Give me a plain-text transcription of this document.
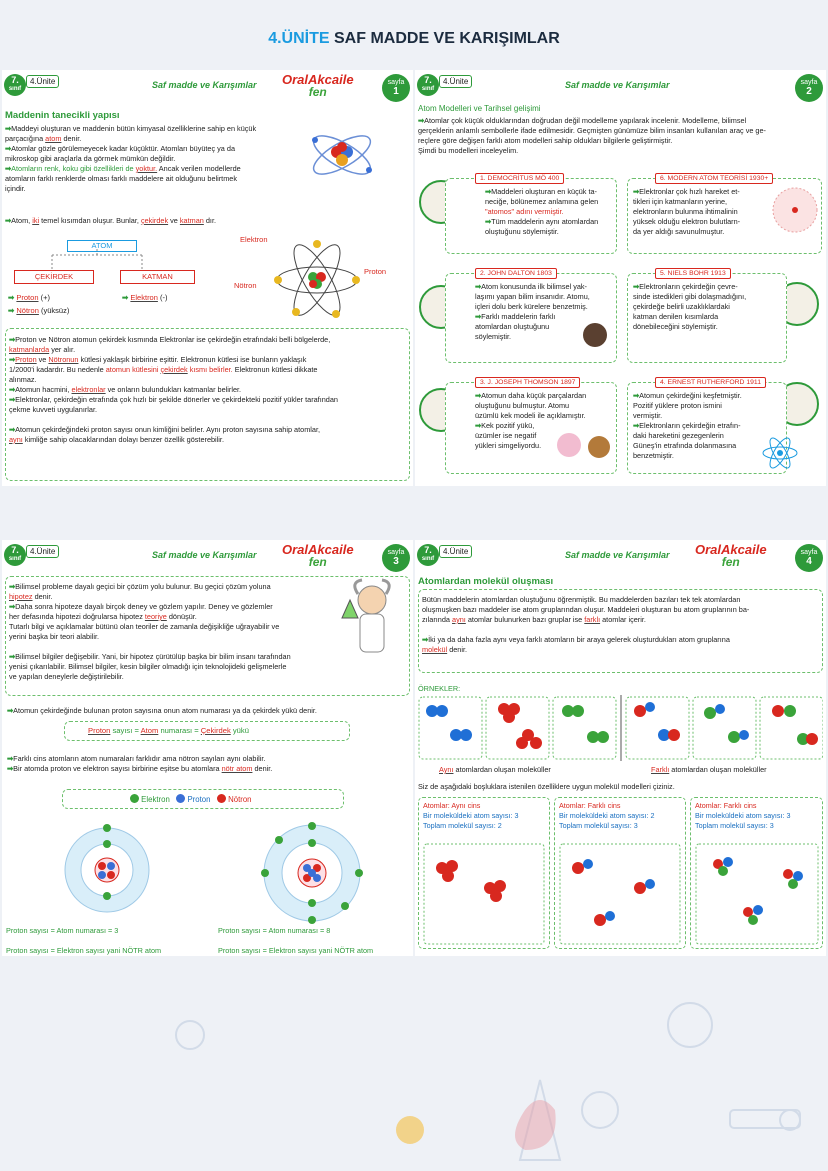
4.ÜNİTE SAF MADDE VE KARIŞIMLAR
7.
sınıf
4.Ünite	Saf madde ve Karışımlar OralAkcaile
fen
sayfa
1
Maddenin tanecikli yapısı
➡Maddeyi oluşturan ve maddenin bütün kimyasal özelliklerine sahip en küçük
parçacığına atom denir.
➡Atomlar gözle görülemeyecek kadar küçüktür. Atomları büyüteç ya da
mikroskop gibi araçlarla da görmek mümkün değildir.
➡Atomların renk, koku gibi özellikleri de yoktur. Ancak verilen modellerde
atomların farklı renklerde olması farklı maddelere ait olduğunu belirtmek
içindir.
➡Atom, iki temel kısımdan oluşur. Bunlar, çekirdek ve katman dır.
ATOM
ÇEKİRDEK	KATMAN
➡ Proton (+)
➡ Nötron (yüksüz)
➡ Elektron (-)
Elektron
Proton
Nötron
➡Proton ve Nötron atomun çekirdek kısmında Elektronlar ise çekirdeğin etrafındaki belli bölgelerde,
katmanlarda yer alır.
➡Proton ve Nötronun kütlesi yaklaşık birbirine eşittir. Elektronun kütlesi ise bunların yaklaşık
1/2000'i kadardır. Bu nedenle atomun kütlesini çekirdek kısmı belirler. Elektronun kütlesi dikkate
alınmaz.
➡Atomun hacmini, elektronlar ve onların bulundukları katmanlar belirler.
➡Elektronlar, çekirdeğin etrafında çok hızlı bir şekilde dönerler ve çekirdekteki pozitif yükler tarafından
çekme kuvveti uygulanırlar.

➡Atomun çekirdeğindeki proton sayısı onun kimliğini belirler. Aynı proton sayısına sahip atomlar,
aynı kimliğe sahip olacaklarından dolayı benzer özellik gösterebilir.
7.
sınıf
4.Ünite	Saf madde ve Karışımlar	sayfa
2
Atom Modelleri ve Tarihsel gelişimi
➡Atomlar çok küçük olduklarından doğrudan değil modelleme yapılarak incelenir. Modelleme, bilimsel
gerçeklerin anlamlı sembollerle ifade edilmesidir. Geçmişten günümüze bilim insanları kullanılan araç ve ge-
reçlere göre değişen farklı atom modelleri sahip oldukları bilgilerle geliştirmiştir.
Şimdi bu modelleri inceleyelim.
1. DEMOCRİTUS MÖ 400
➡Maddeleri oluşturan en küçük ta-
neciğe, bölünemez anlamına gelen
"atomos" adını vermiştir.
➡Tüm maddelerin aynı atomlardan
oluştuğunu söylemiştir.
2. JOHN DALTON 1803
➡Atom konusunda ilk bilimsel yak-
laşımı yapan bilim insanıdır. Atomu,
içleri dolu berk kürelere benzetmiş.
➡Farklı maddelerin farklı
atomlardan oluştuğunu
söylemiştir.
3. J. JOSEPH THOMSON 1897
➡Atomun daha küçük parçalardan
oluştuğunu bulmuştur. Atomu
üzümlü kek modeli ile açıklamıştır.
➡Kek pozitif yükü,
üzümler ise negatif
yükleri simgeliyordu.
6. MODERN ATOM TEORİSİ 1930+
➡Elektronlar çok hızlı hareket et-
tikleri için katmanların yerine,
elektronların bulunma ihtimalinin
yüksek olduğu elektron bulutlarn-
da yer aldığı savunulmuştur.
5. NIELS BOHR 1913
➡Elektronların çekirdeğin çevre-
sinde istedikleri gibi dolaşmadığını,
çekirdeğe belirli uzaklıklardaki
katman denilen kısımlarda
dönebileceğini söylemiştir.
4. ERNEST RUTHERFORD 1911
➡Atomun çekirdeğini keşfetmiştir.
Pozitif yüklere proton ismini
vermiştir.
➡Elektronların çekirdeğin etrafın-
daki hareketini gezegenlerin
Güneş'in etrafında dolanmasına
benzetmiştir.
7.
sınıf
4.Ünite	Saf madde ve Karışımlar OralAkcaile
fen
sayfa
3
➡Bilimsel probleme dayalı geçici bir çözüm yolu bulunur. Bu geçici çözüm yoluna
hipotez denir.
➡Daha sonra hipoteze dayalı birçok deney ve gözlem yapılır. Deney ve gözlemler
her defasında hipotezi doğrularsa hipotez teoriye dönüşür.
Tutarlı bilgi ve açıklamalar bütünü olan teoriler de zamanla değişikliğe uğrayabilir ve
yerini başka bir teori alabilir.

➡Bilimsel bilgiler değişebilir. Yani, bir hipotez çürütülüp başka bir bilim insanı tarafından
yenisi çıkarılabilir. Bilimsel bilgiler, kesin bilgiler olmadığı için teknolojideki gelişmelerle
ve yapılan deneylerle değiştirilebilir.
➡Atomun çekirdeğinde bulunan proton sayısına onun atom numarası ya da çekirdek yükü denir.
Proton sayısı = Atom numarası = Çekirdek yükü
➡Farklı cins atomların atom numaraları farklıdır ama nötron sayıları aynı olabilir.
➡Bir atomda proton ve elektron sayısı birbirine eşitse bu atomlara nötr atom denir.
Elektron Proton Nötron
Proton sayısı = Atom numarası = 3

Proton sayısı = Elektron sayısı yani NÖTR atom
Proton sayısı = Atom numarası = 8

Proton sayısı = Elektron sayısı yani NÖTR atom
7.
sınıf
4.Ünite	Saf madde ve Karışımlar OralAkcaile
fen
sayfa
4
Atomlardan molekül oluşması
Bütün maddelerin atomlardan oluştuğunu öğrenmiştik. Bu maddelerden bazıları tek tek atomlardan
oluşmuşken bazı maddeler ise atom gruplarından oluşur. Maddeleri oluşturan bu atom gruplarının ba-
zılarında aynı atomlar bulunurken bazı gruplar ise farklı atomlar içerir.

➡İki ya da daha fazla aynı veya farklı atomların bir araya gelerek oluşturdukları atom gruplarına
molekül denir.
ÖRNEKLER:
Aynı atomlardan oluşan moleküller	Farklı atomlardan oluşan moleküller
Siz de aşağıdaki boşluklara istenilen özelliklere uygun molekül modelleri çiziniz.
Atomlar: Aynı cins
Bir moleküldeki atom sayısı: 3
Toplam molekül sayısı: 2
Atomlar: Farklı cins
Bir moleküldeki atom sayısı: 2
Toplam molekül sayısı: 3
Atomlar: Farklı cins
Bir moleküldeki atom sayısı: 3
Toplam molekül sayısı: 3
